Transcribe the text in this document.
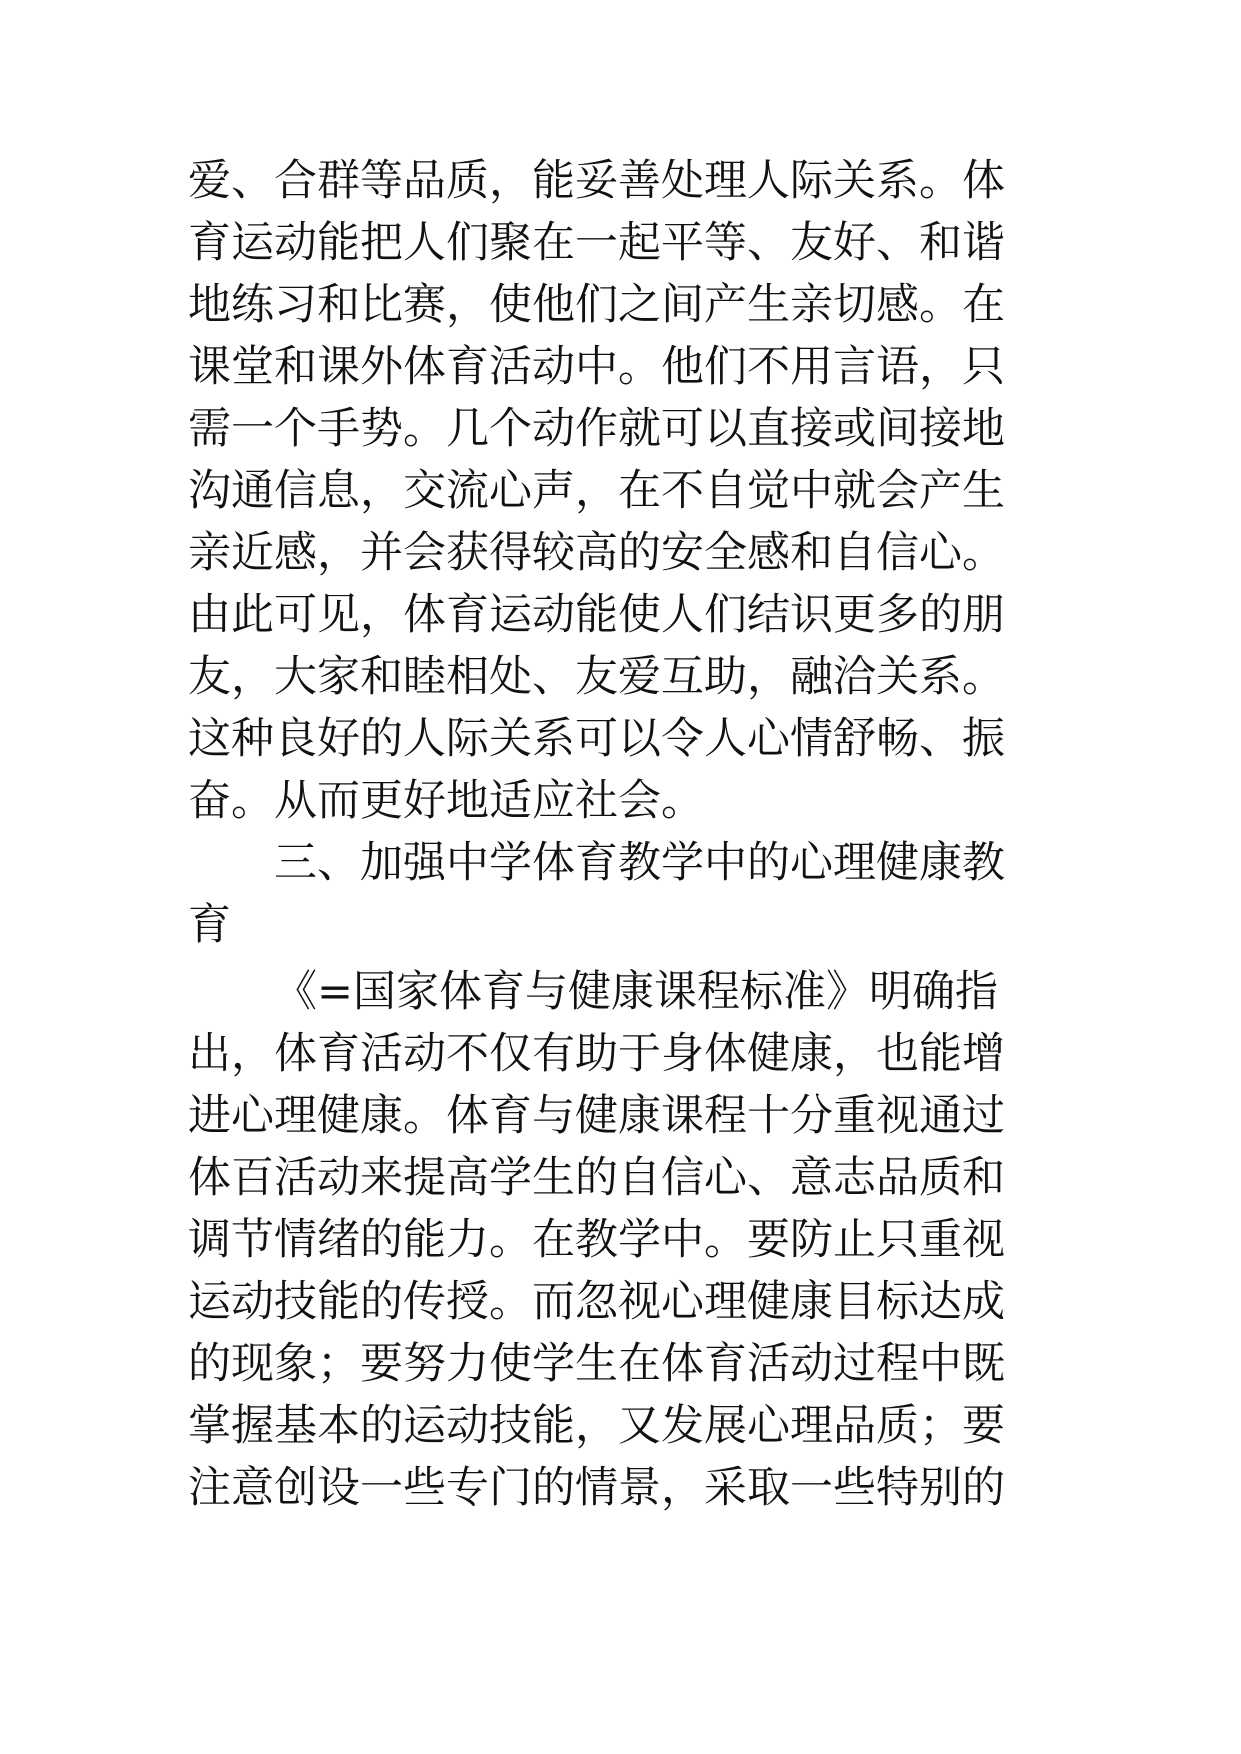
爱、合群等品质，能妥善处理人际关系。体
育运动能把人们聚在一起平等、友好、和谐
地练习和比赛，使他们之间产生亲切感。在
课堂和课外体育活动中。他们不用言语，只
需一个手势。几个动作就可以直接或间接地
沟通信息，交流心声，在不自觉中就会产生
亲近感，并会获得较高的安全感和自信心。
由此可见，体育运动能使人们结识更多的朋
友，大家和睦相处、友爱互助，融洽关系。
这种良好的人际关系可以令人心情舒畅、振
奋。从而更好地适应社会。
三、加强中学体育教学中的心理健康教
育
《=国家体育与健康课程标准》明确指
出，体育活动不仅有助于身体健康，也能增
进心理健康。体育与健康课程十分重视通过
体百活动来提高学生的自信心、意志品质和
调节情绪的能力。在教学中。要防止只重视
运动技能的传授。而忽视心理健康目标达成
的现象；要努力使学生在体育活动过程中既
掌握基本的运动技能，又发展心理品质；要
注意创设一些专门的情景，采取一些特别的
